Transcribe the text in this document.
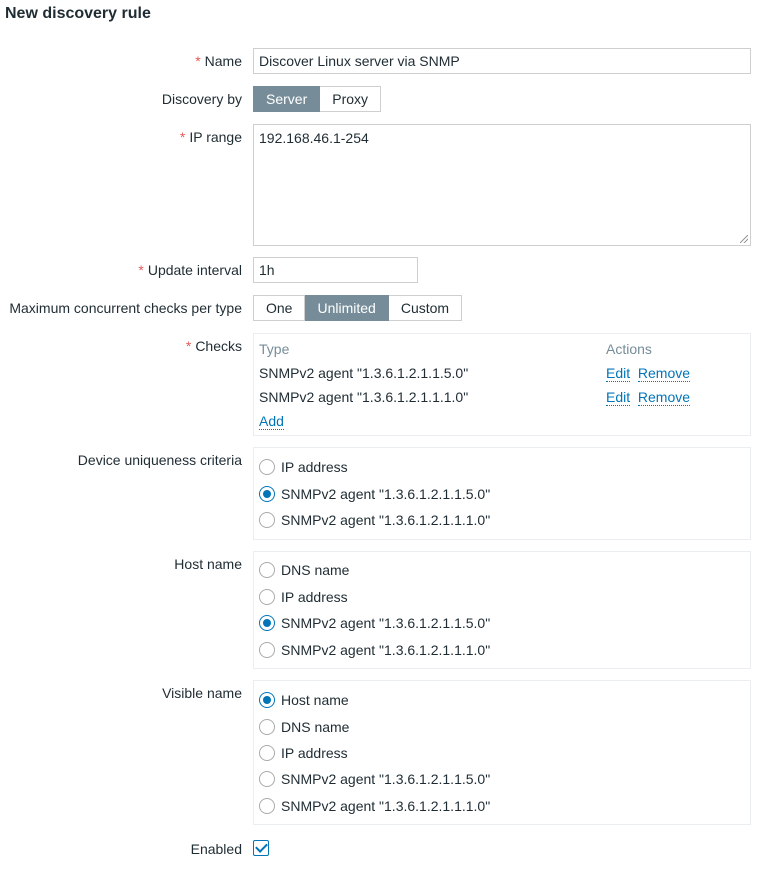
New discovery rule
* Name	Discover Linux server via SNMP
Discovery by	Server	Proxy
* IP range	192.168.46.1-254
* Update interval	1h
Maximum concurrent checks per type	One	Unlimited	Custom
* Checks Type	Actions
SNMPv2 agent "1.3.6.1.2.1.1.5.0"	Edit Remove
SNMPv2 agent "1.3.6.1.2.1.1.1.0"	Edit Remove
Add
Device uniqueness criteria	IP address
SNMPv2 agent "1.3.6.1.2.1.1.5.0"
SNMPv2 agent "1.3.6.1.2.1.1.1.0"
Host name	DNS name
IP address
SNMPv2 agent "1.3.6.1.2.1.1.5.0"
SNMPv2 agent "1.3.6.1.2.1.1.1.0"
Visible name	Host name
DNS name
IP address
SNMPv2 agent "1.3.6.1.2.1.1.5.0"
SNMPv2 agent "1.3.6.1.2.1.1.1.0"
Enabled
